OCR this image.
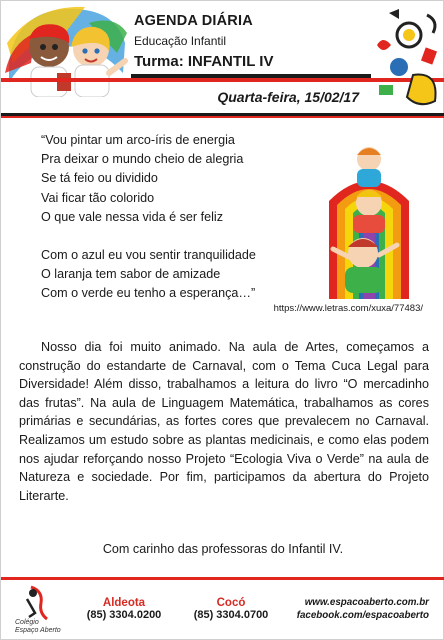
AGENDA DIÁRIA
Educação Infantil
Turma: INFANTIL IV
Quarta-feira, 15/02/17
“Vou pintar um arco-íris de energia
Pra deixar o mundo cheio de alegria
Se tá feio ou dividido
Vai ficar tão colorido
O que vale nessa vida é ser feliz
Com o azul eu vou sentir tranquilidade
O laranja tem sabor de amizade
Com o verde eu tenho a esperança…”
https://www.letras.com/xuxa/77483/

Nosso dia foi muito animado. Na aula de Artes, começamos a construção do estandarte de Carnaval, com o Tema Cuca Legal para Diversidade! Além disso, trabalhamos a leitura do livro “O mercadinho das frutas”. Na aula de Linguagem Matemática, trabalhamos as cores primárias e secundárias, as fortes cores que prevalecem no Carnaval. Realizamos um estudo sobre as plantas medicinais, e como elas podem nos ajudar reforçando nosso Projeto “Ecologia Viva o Verde” na aula de Natureza e sociedade. Por fim, participamos da abertura do Projeto Literarte.

Com carinho das professoras do Infantil IV.
Colégio
Espaço Aberto
Aldeota
(85) 3304.0200
Cocó
(85) 3304.0700
www.espacoaberto.com.br
facebook.com/espacoaberto
